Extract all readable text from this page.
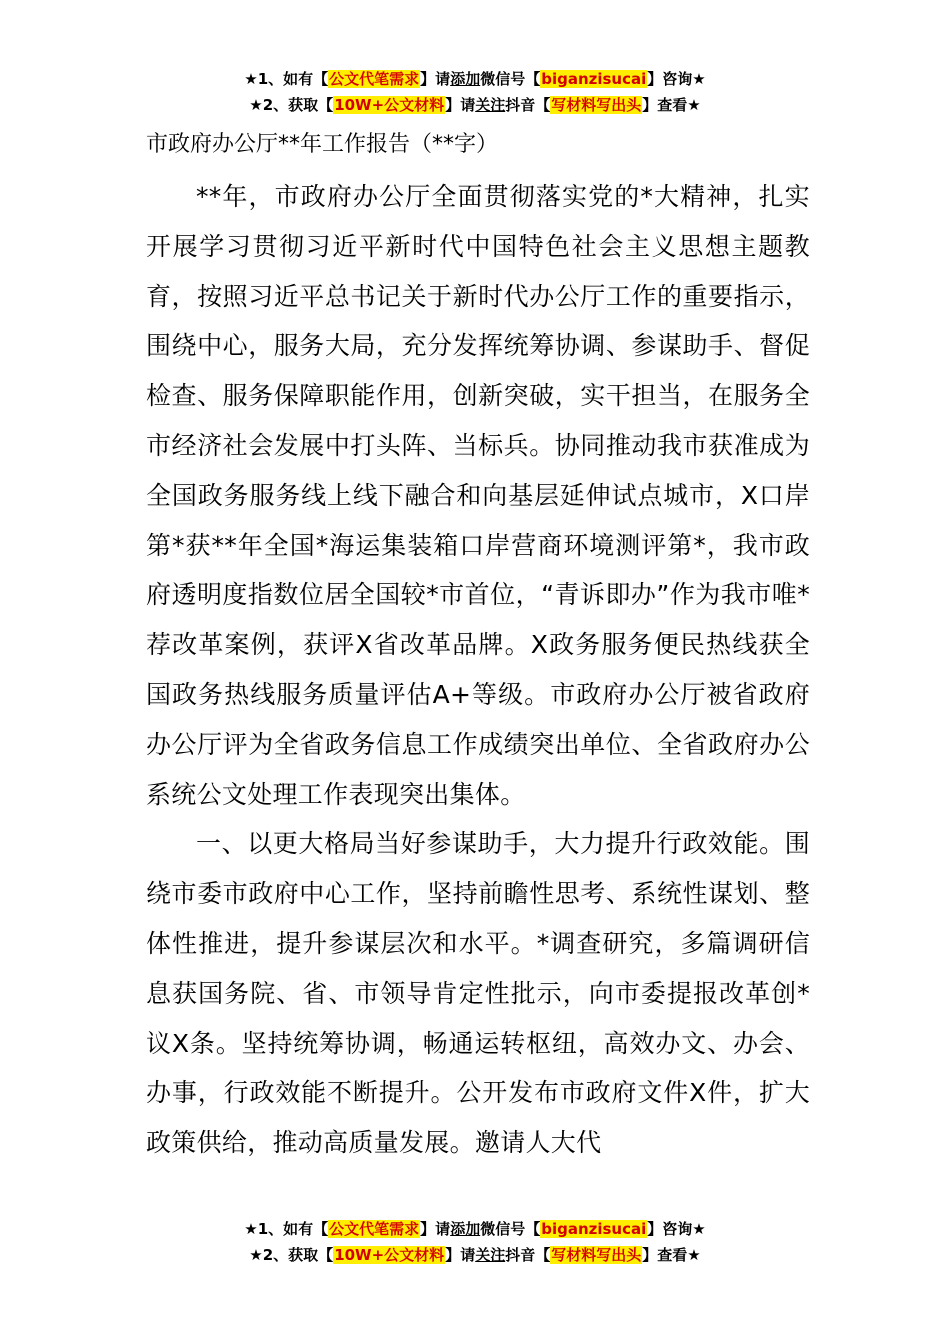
★1、如有【公文代笔需求】请添加微信号【biganzisucai】咨询★
★2、获取【10W+公文材料】请关注抖音【写材料写出头】查看★
市政府办公厅**年工作报告（**字）

**年，市政府办公厅全面贯彻落实党的*大精神，扎实开展学习贯彻习近平新时代中国特色社会主义思想主题教育，按照习近平总书记关于新时代办公厅工作的重要指示，围绕中心，服务大局，充分发挥统筹协调、参谋助手、督促检查、服务保障职能作用，创新突破，实干担当，在服务全市经济社会发展中打头阵、当标兵。协同推动我市获准成为全国政务服务线上线下融合和向基层延伸试点城市，X口岸第*获**年全国*海运集装箱口岸营商环境测评第*，我市政府透明度指数位居全国较*市首位，“青诉即办”作为我市唯*荐改革案例，获评X省改革品牌。X政务服务便民热线获全国政务热线服务质量评估A+等级。市政府办公厅被省政府办公厅评为全省政务信息工作成绩突出单位、全省政府办公系统公文处理工作表现突出集体。

一、以更大格局当好参谋助手，大力提升行政效能。围绕市委市政府中心工作，坚持前瞻性思考、系统性谋划、整体性推进，提升参谋层次和水平。*调查研究，多篇调研信息获国务院、省、市领导肯定性批示，向市委提报改革创*议X条。坚持统筹协调，畅通运转枢纽，高效办文、办会、办事，行政效能不断提升。公开发布市政府文件X件，扩大政策供给，推动高质量发展。邀请人大代

★1、如有【公文代笔需求】请添加微信号【biganzisucai】咨询★
★2、获取【10W+公文材料】请关注抖音【写材料写出头】查看★
